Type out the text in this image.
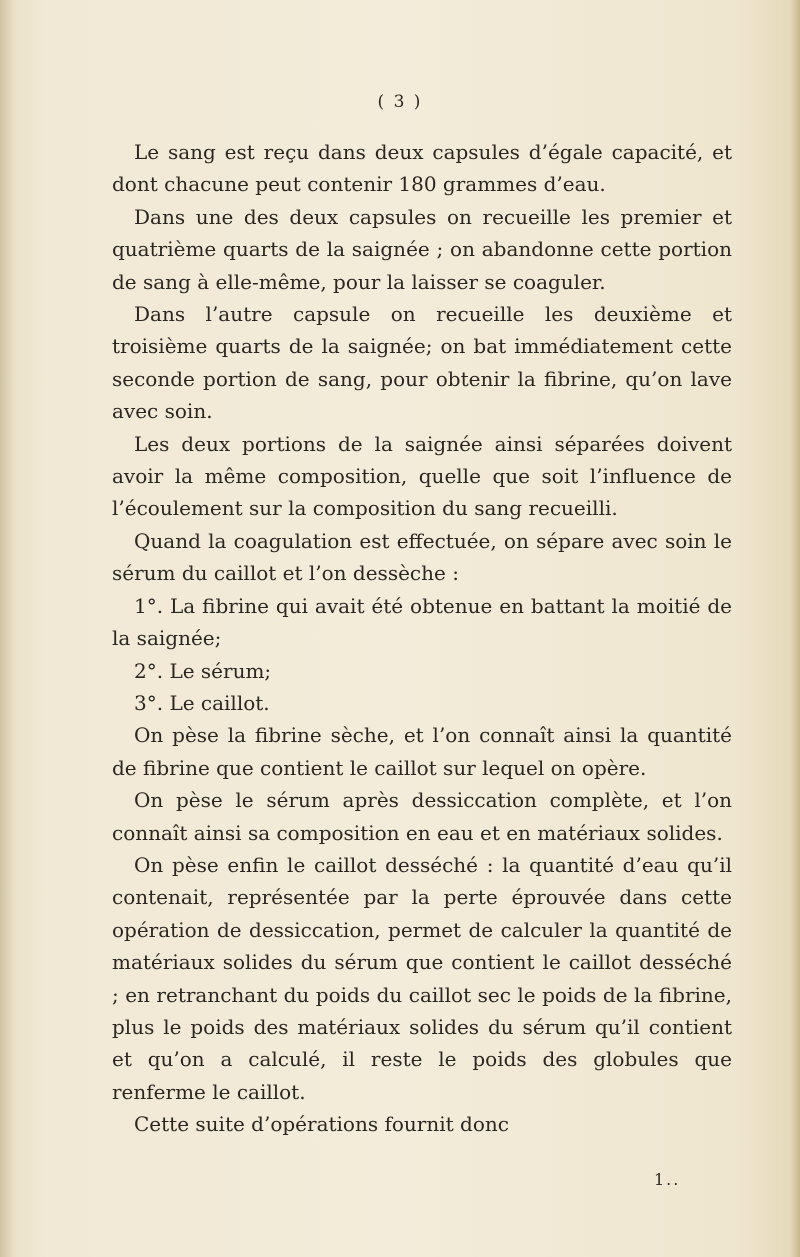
( 3 )

Le sang est reçu dans deux capsules d’égale capacité, et dont chacune peut contenir 180 grammes d’eau.

Dans une des deux capsules on recueille les premier et quatrième quarts de la saignée ; on abandonne cette portion de sang à elle-même, pour la laisser se coaguler.

Dans l’autre capsule on recueille les deuxième et troisième quarts de la saignée; on bat immédiatement cette seconde portion de sang, pour obtenir la fibrine, qu’on lave avec soin.

Les deux portions de la saignée ainsi séparées doivent avoir la même composition, quelle que soit l’influence de l’écoulement sur la composition du sang recueilli.

Quand la coagulation est effectuée, on sépare avec soin le sérum du caillot et l’on dessèche :

1°. La fibrine qui avait été obtenue en battant la moitié de la saignée;

2°. Le sérum;

3°. Le caillot.

On pèse la fibrine sèche, et l’on connaît ainsi la quantité de fibrine que contient le caillot sur lequel on opère.

On pèse le sérum après dessiccation complète, et l’on connaît ainsi sa composition en eau et en matériaux solides.

On pèse enfin le caillot desséché : la quantité d’eau qu’il contenait, représentée par la perte éprouvée dans cette opération de dessiccation, permet de calculer la quantité de matériaux solides du sérum que contient le caillot desséché ; en retranchant du poids du caillot sec le poids de la fibrine, plus le poids des matériaux solides du sérum qu’il contient et qu’on a calculé, il reste le poids des globules que renferme le caillot.

Cette suite d’opérations fournit donc

1..
